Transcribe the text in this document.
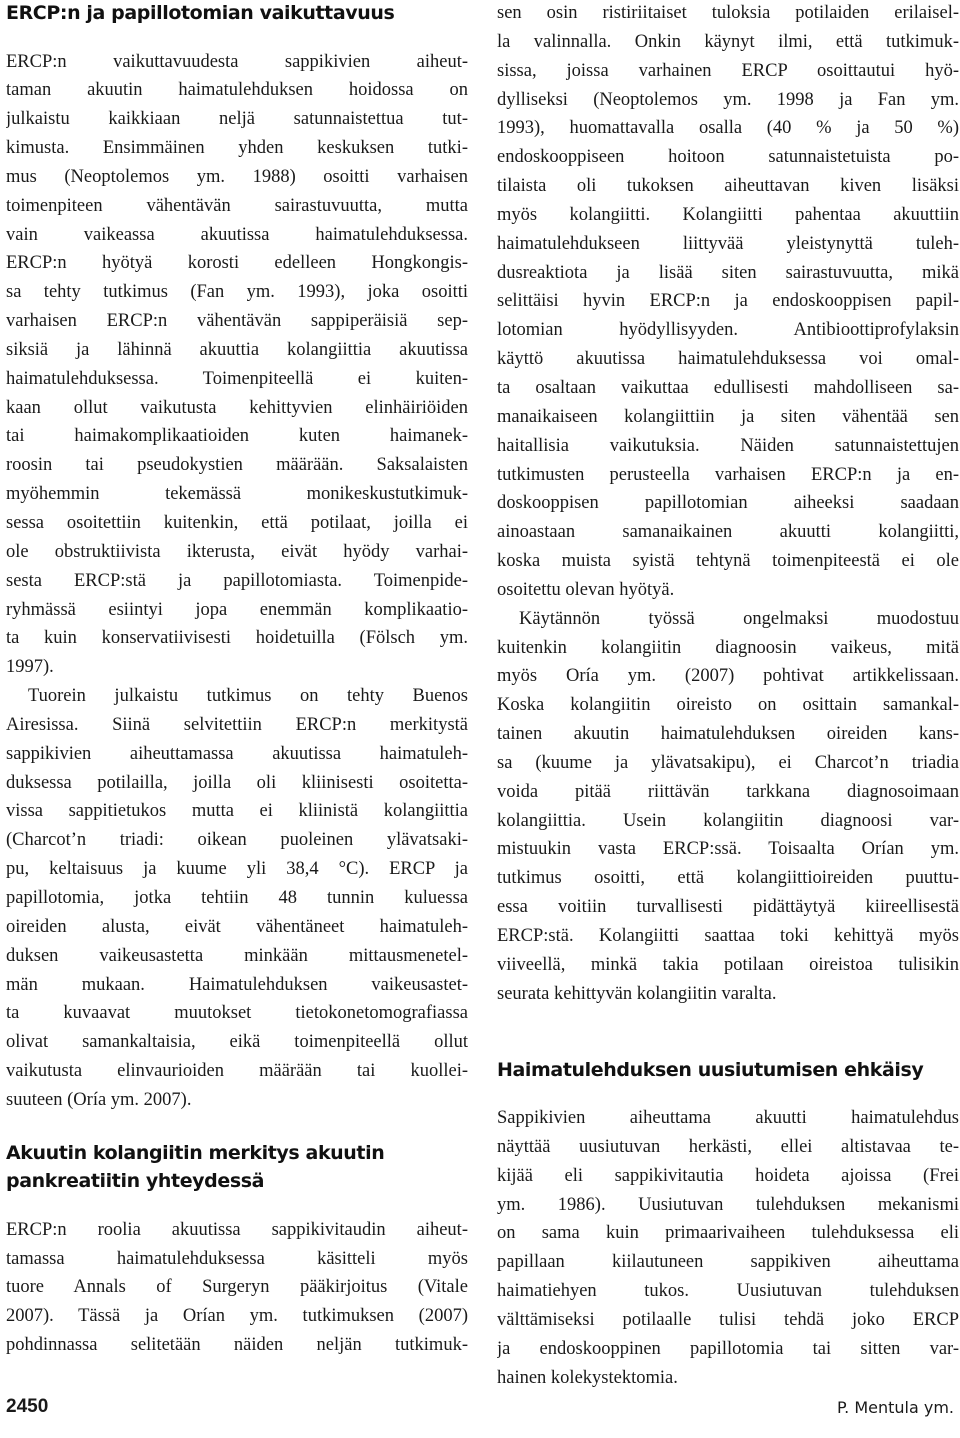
ERCP:n ja papillotomian vaikuttavuus
ERCP:n vaikuttavuudesta sappikivien aiheut-
taman akuutin haimatulehduksen hoidossa on
julkaistu kaikkiaan neljä satunnaistettua tut-
kimusta. Ensimmäinen yhden keskuksen tutki-
mus (Neoptolemos ym. 1988) osoitti varhaisen
toimenpiteen vähentävän sairastuvuutta, mutta
vain vaikeassa akuutissa haimatulehduksessa.
ERCP:n hyötyä korosti edelleen Hongkongis-
sa tehty tutkimus (Fan ym. 1993), joka osoitti
varhaisen ERCP:n vähentävän sappiperäisiä sep-
siksiä ja lähinnä akuuttia kolangiittia akuutissa
haimatulehduksessa. Toimenpiteellä ei kuiten-
kaan ollut vaikutusta kehittyvien elinhäiriöiden
tai haimakomplikaatioiden kuten haimanek-
roosin tai pseudokystien määrään. Saksalaisten
myöhemmin tekemässä monikeskustutkimuk-
sessa osoitettiin kuitenkin, että potilaat, joilla ei
ole obstruktiivista ikterusta, eivät hyödy varhai-
sesta ERCP:stä ja papillotomiasta. Toimenpide-
ryhmässä esiintyi jopa enemmän komplikaatio-
ta kuin konservatiivisesti hoidetuilla (Fölsch ym.
1997).
Tuorein julkaistu tutkimus on tehty Buenos
Airesissa. Siinä selvitettiin ERCP:n merkitystä
sappikivien aiheuttamassa akuutissa haimatuleh-
duksessa potilailla, joilla oli kliinisesti osoitetta-
vissa sappitietukos mutta ei kliinistä kolangiittia
(Charcot’n triadi: oikean puoleinen ylävatsaki-
pu, keltaisuus ja kuume yli 38,4 °C). ERCP ja
papillotomia, jotka tehtiin 48 tunnin kuluessa
oireiden alusta, eivät vähentäneet haimatuleh-
duksen vaikeusastetta minkään mittausmenetel-
män mukaan. Haimatulehduksen vaikeusastet-
ta kuvaavat muutokset tietokonetomografiassa
olivat samankaltaisia, eikä toimenpiteellä ollut
vaikutusta elinvaurioiden määrään tai kuollei-
suuteen (Oría ym. 2007).
Akuutin kolangiitin merkitys akuutin
pankreatiitin yhteydessä
ERCP:n roolia akuutissa sappikivitaudin aiheut-
tamassa haimatulehduksessa käsitteli myös
tuore Annals of Surgeryn pääkirjoitus (Vitale
2007). Tässä ja Orían ym. tutkimuksen (2007)
pohdinnassa selitetään näiden neljän tutkimuk-
sen osin ristiriitaiset tuloksia potilaiden erilaisel-
la valinnalla. Onkin käynyt ilmi, että tutkimuk-
sissa, joissa varhainen ERCP osoittautui hyö-
dylliseksi (Neoptolemos ym. 1998 ja Fan ym.
1993), huomattavalla osalla (40 % ja 50 %)
endoskooppiseen hoitoon satunnaistetuista po-
tilaista oli tukoksen aiheuttavan kiven lisäksi
myös kolangiitti. Kolangiitti pahentaa akuuttiin
haimatulehdukseen liittyvää yleistynyttä tuleh-
dusreaktiota ja lisää siten sairastuvuutta, mikä
selittäisi hyvin ERCP:n ja endoskooppisen papil-
lotomian hyödyllisyyden. Antibioottiprofylaksin
käyttö akuutissa haimatulehduksessa voi omal-
ta osaltaan vaikuttaa edullisesti mahdolliseen sa-
manaikaiseen kolangiittiin ja siten vähentää sen
haitallisia vaikutuksia. Näiden satunnaistettujen
tutkimusten perusteella varhaisen ERCP:n ja en-
doskooppisen papillotomian aiheeksi saadaan
ainoastaan samanaikainen akuutti kolangiitti,
koska muista syistä tehtynä toimenpiteestä ei ole
osoitettu olevan hyötyä.
Käytännön työssä ongelmaksi muodostuu
kuitenkin kolangiitin diagnoosin vaikeus, mitä
myös Oría ym. (2007) pohtivat artikkelissaan.
Koska kolangiitin oireisto on osittain samankal-
tainen akuutin haimatulehduksen oireiden kans-
sa (kuume ja ylävatsakipu), ei Charcot’n triadia
voida pitää riittävän tarkkana diagnosoimaan
kolangiittia. Usein kolangiitin diagnoosi var-
mistuukin vasta ERCP:ssä. Toisaalta Orían ym.
tutkimus osoitti, että kolangiittioireiden puuttu-
essa voitiin turvallisesti pidättäytyä kiireellisestä
ERCP:stä. Kolangiitti saattaa toki kehittyä myös
viiveellä, minkä takia potilaan oireistoa tulisikin
seurata kehittyvän kolangiitin varalta.
Haimatulehduksen uusiutumisen ehkäisy
Sappikivien aiheuttama akuutti haimatulehdus
näyttää uusiutuvan herkästi, ellei altistavaa te-
kijää eli sappikivitautia hoideta ajoissa (Frei
ym. 1986). Uusiutuvan tulehduksen mekanismi
on sama kuin primaarivaiheen tulehduksessa eli
papillaan kiilautuneen sappikiven aiheuttama
haimatiehyen tukos. Uusiutuvan tulehduksen
välttämiseksi potilaalle tulisi tehdä joko ERCP
ja endoskooppinen papillotomia tai sitten var-
hainen kolekystektomia.
2450	P. Mentula ym.
